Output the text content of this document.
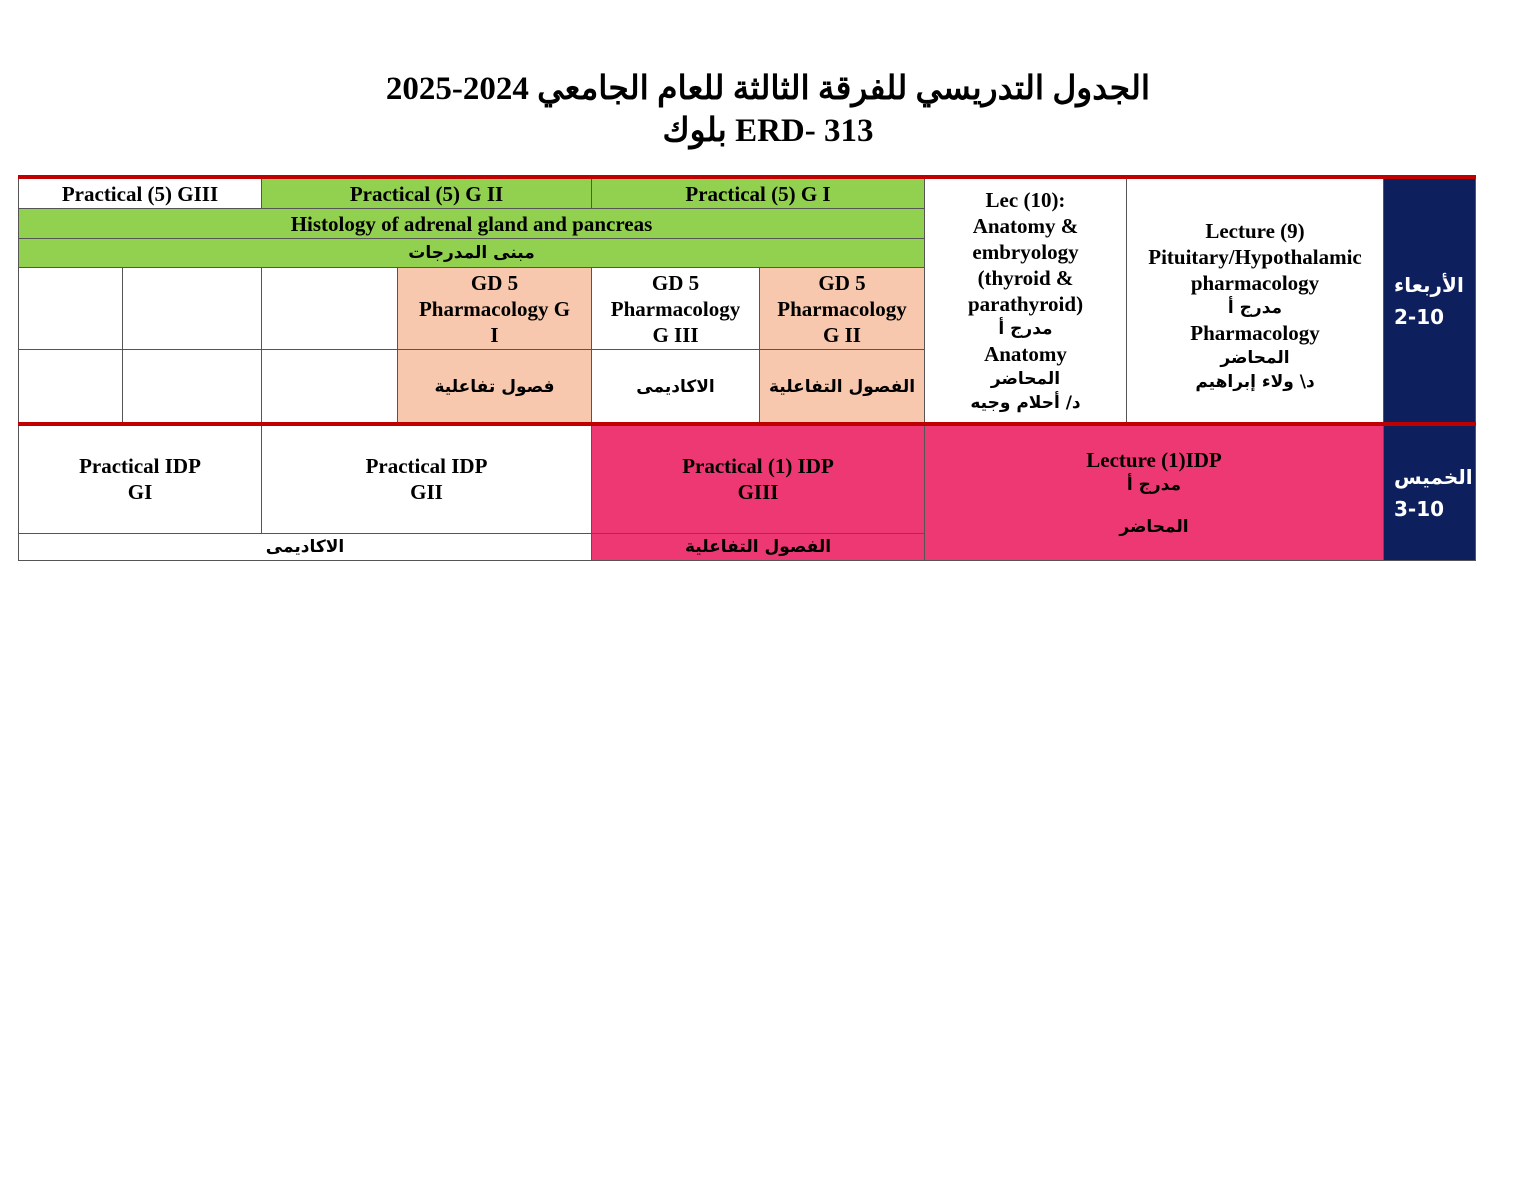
الجدول التدريسي للفرقة الثالثة للعام الجامعي 2024-2025
ERD- 313 بلوك
الأربعاء
2-10
Lecture (9)
Pituitary/Hypothalamic
pharmacology
مدرج أ
Pharmacology
المحاضر
د\ ولاء إبراهيم
Lec (10):
Anatomy &
embryology
(thyroid &
parathyroid)
مدرج أ
Anatomy
المحاضر
د/ أحلام وجيه
Practical (5) G I
Practical (5) G II
Practical (5) GIII
Histology of adrenal gland and pancreas
مبنى المدرجات
GD 5
Pharmacology
G II
GD 5
Pharmacology
G III
GD 5
Pharmacology G
I
الفصول التفاعلية
الاكاديمى
فصول تفاعلية
الخميس
3-10
Lecture (1)IDP
مدرج أ
المحاضر
Practical (1) IDP
GIII
Practical IDP
GII
Practical IDP
GI
الفصول التفاعلية
الاكاديمى
